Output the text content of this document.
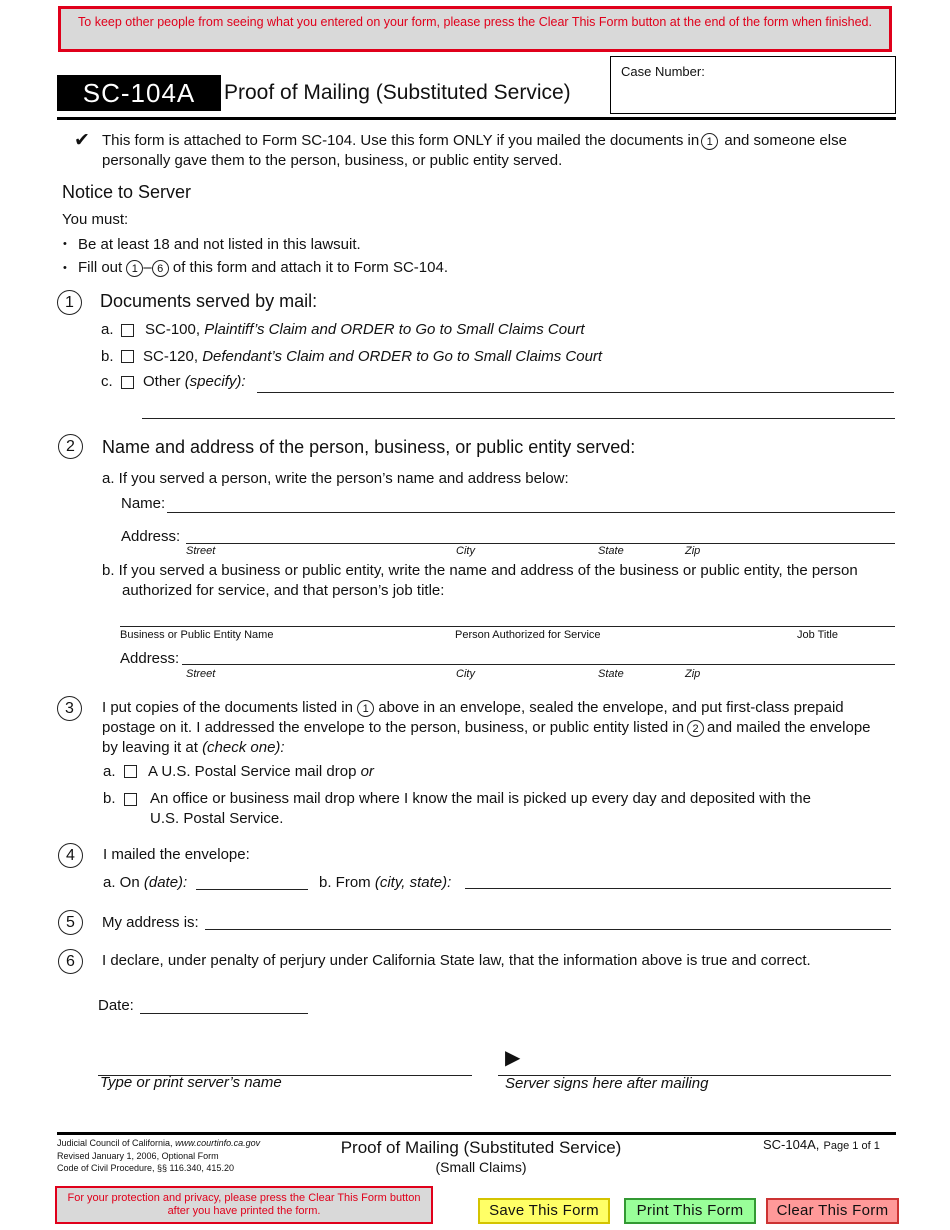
To keep other people from seeing what you entered on your form, please press the Clear This Form button at the end of the form when finished.
SC-104A	Proof of Mailing (Substituted Service)
Case Number:
✔ This form is attached to Form SC-104. Use this form ONLY if you mailed the documents in 1 and someone else
personally gave them to the person, business, or public entity served.
Notice to Server
You must:
• Be at least 18 and not listed in this lawsuit.
• Fill out 1 – 6 of this form and attach it to Form SC-104.
1	Documents served by mail:
a. SC-100, Plaintiff’s Claim and ORDER to Go to Small Claims Court
b. SC-120, Defendant’s Claim and ORDER to Go to Small Claims Court
c. Other (specify):
2	Name and address of the person, business, or public entity served:
a. If you served a person, write the person’s name and address below:
Name:
Address:
Street	City	State	Zip
b. If you served a business or public entity, write the name and address of the business or public entity, the person
authorized for service, and that person’s job title:
Business or Public Entity Name	Person Authorized for Service	Job Title
Address:
Street	City	State	Zip
3	I put copies of the documents listed in 1 above in an envelope, sealed the envelope, and put first-class prepaid
postage on it. I addressed the envelope to the person, business, or public entity listed in 2 and mailed the envelope
by leaving it at (check one):
a. A U.S. Postal Service mail drop or
b. An office or business mail drop where I know the mail is picked up every day and deposited with the
U.S. Postal Service.
4	I mailed the envelope:
a. On (date):	b. From (city, state):
5	My address is:
6	I declare, under penalty of perjury under California State law, that the information above is true and correct.
Date:
Type or print server’s name
▶
Server signs here after mailing
Judicial Council of California, www.courtinfo.ca.gov
Revised January 1, 2006, Optional Form
Code of Civil Procedure, §§ 116.340, 415.20
Proof of Mailing (Substituted Service)
(Small Claims)
SC-104A, Page 1 of 1
For your protection and privacy, please press the Clear This Form button after you have printed the form.	Save This Form	Print This Form	Clear This Form
